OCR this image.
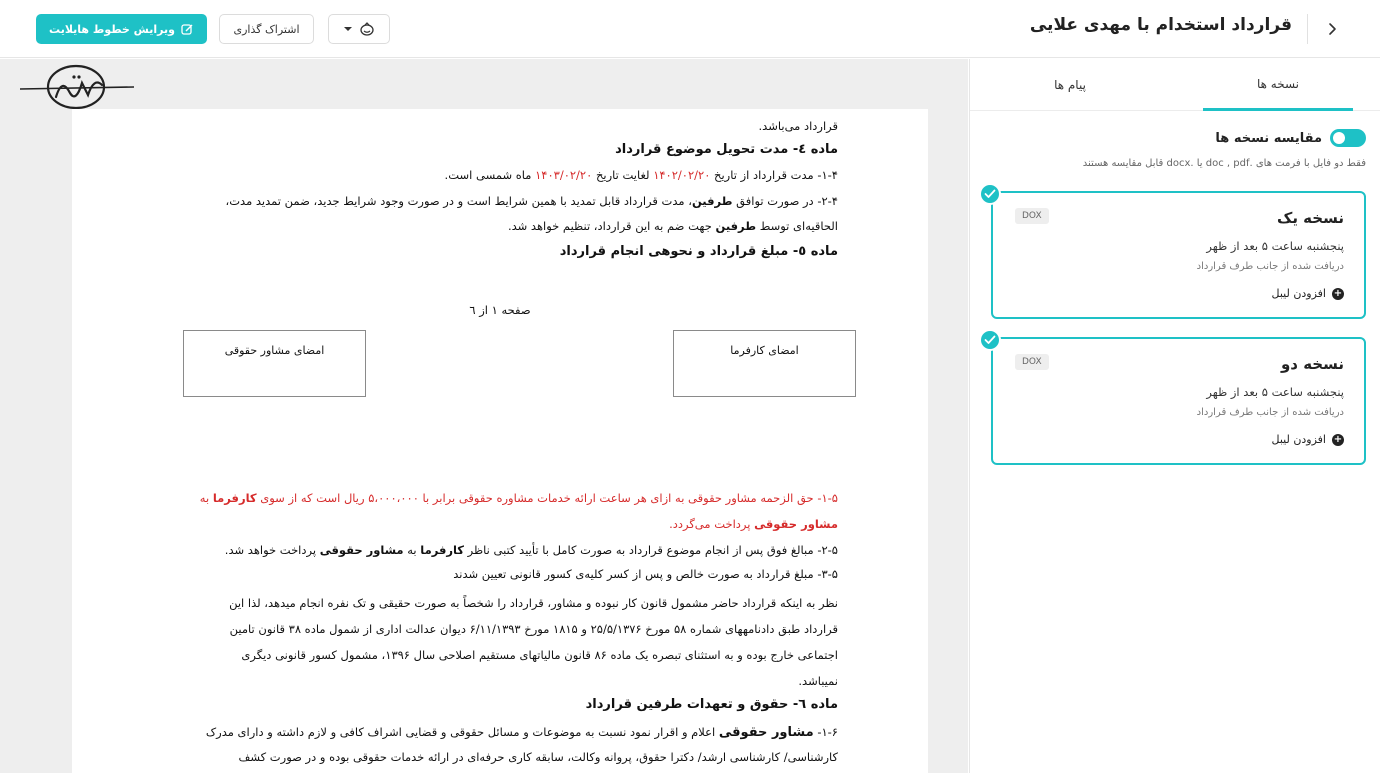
قرارداد استخدام با مهدی علایی
ویرایش خطوط هایلایت	اشتراک گذاری
قرارداد می‌باشد.
ماده ٤- مدت تحویل موضوع قرارداد
۱-۴- مدت قرارداد از تاریخ ۱۴۰۲/۰۲/۲۰ لغایت تاریخ ۱۴۰۳/۰۲/۲۰ ماه شمسی است.
۲-۴- در صورت توافق طرفین، مدت قرارداد قابل تمدید با همین شرایط است و در صورت وجود شرایط جدید، ضمن تمدید مدت،
الحاقیه‌ای توسط طرفین جهت ضم به این قرارداد، تنظیم خواهد شد.
ماده ٥- مبلغ قرارداد و نحوهی انجام قرارداد
صفحه ۱ از ٦
امضای کارفرما
امضای مشاور حقوقی
۱-۵- حق الزحمه مشاور حقوقی به ازای هر ساعت ارائه خدمات مشاوره حقوقی برابر با ۵،۰۰۰،۰۰۰ ریال است که از سوی کارفرما به
مشاور حقوقی پرداخت می‌گردد.
۲-۵- مبالغ فوق پس از انجام موضوع قرارداد به صورت کامل با تأیید کتبی ناظر کارفرما به مشاور حقوقی پرداخت خواهد شد.
۳-۵- مبلغ قرارداد به صورت خالص و پس از کسر کلیه‌ی کسور قانونی تعیین شدند
نظر به اینکه قرارداد حاضر مشمول قانون کار نبوده و مشاور، قرارداد را شخصاً به صورت حقیقی و تک نفره انجام میدهد، لذا این
قرارداد طبق دادنامههای شماره ۵۸ مورخ ۲۵/۵/۱۳۷۶ و ۱۸۱۵ مورخ ۶/۱۱/۱۳۹۳ دیوان عدالت اداری از شمول ماده ۳۸ قانون تامین
اجتماعی خارج بوده و به استثنای تبصره یک ماده ۸۶ قانون مالیاتهای مستقیم اصلاحی سال ۱۳۹۶، مشمول کسور قانونی دیگری
نمیباشد.
ماده ٦- حقوق و تعهدات طرفین قرارداد
۱-۶- مشاور حقوقی اعلام و اقرار نمود نسبت به موضوعات و مسائل حقوقی و قضایی اشراف کافی و لازم داشته و دارای مدرک
کارشناسی/ کارشناسی ارشد/ دکترا حقوق، پروانه وکالت، سابقه کاری حرفه‌ای در ارائه خدمات حقوقی بوده و در صورت کشف
نسخه ها
پیام ها
مقایسه نسخه ها
فقط دو فایل با فرمت های .doc , pdf یا .docx قابل مقایسه هستند
نسخه یک
DOX
پنجشنبه ساعت ۵ بعد از ظهر
دریافت شده از جانب طرف قرارداد
+
افزودن لیبل
نسخه دو
DOX
پنجشنبه ساعت ۵ بعد از ظهر
دریافت شده از جانب طرف قرارداد
+
افزودن لیبل
